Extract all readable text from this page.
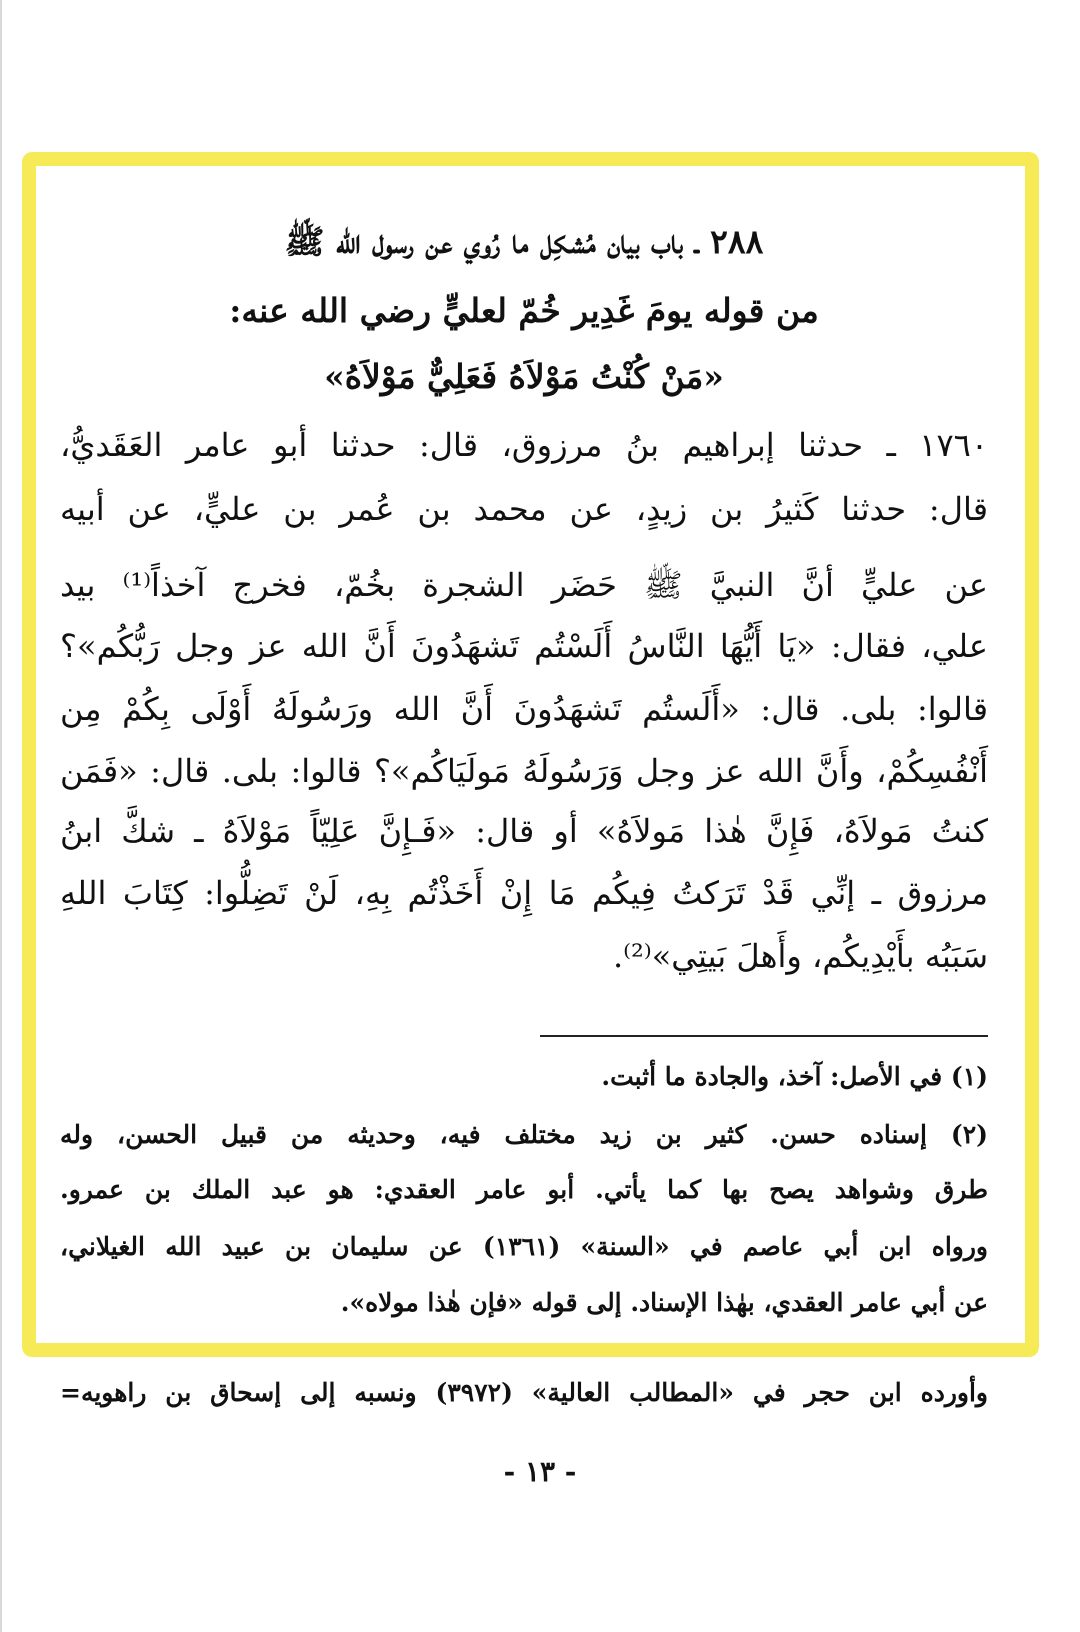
٢٨٨ ـ باب بيان مُشكِل ما رُوي عن رسول الله ﷺ
من قوله يومَ غَدِير خُمّ لعليٍّ رضي الله عنه:
«مَنْ كُنْتُ مَوْلاَهُ فَعَلِيٌّ مَوْلاَهُ»
١٧٦٠ ـ حدثنا إبراهيم بنُ مرزوق، قال: حدثنا أبو عامر العَقَديُّ،
قال: حدثنا كَثيرُ بن زيدٍ، عن محمد بن عُمر بن عليٍّ، عن أبيه
عن عليٍّ أنَّ النبيَّ ﷺ حَضَر الشجرة بخُمّ، فخرج آخذاً⁽¹⁾ بيد
علي، فقال: «يَا أَيُّهَا النَّاسُ أَلَسْتُم تَشهَدُونَ أَنَّ الله عز وجل رَبُّكُم»؟
قالوا: بلى. قال: «أَلَستُم تَشهَدُونَ أَنَّ الله ورَسُولَهُ أَوْلَى بِكُمْ مِن
أَنْفُسِكُمْ، وأَنَّ الله عز وجل وَرَسُولَهُ مَولَيَاكُم»؟ قالوا: بلى. قال: «فَمَن
كنتُ مَولاَهُ، فَإِنَّ هٰذا مَولاَهُ» أو قال: «فَـإِنَّ عَلِيّاً مَوْلاَهُ ـ شكَّ ابنُ
مرزوق ـ إنِّي قَدْ تَرَكتُ فِيكُم مَا إِنْ أَخَذْتُم بِهِ، لَنْ تَضِلُّوا: كِتَابَ اللهِ
سَبَبُه بأَيْدِيكُم، وأَهلَ بَيتِي»⁽²⁾.
(١) في الأصل: آخذ، والجادة ما أثبت.
(٢) إسناده حسن. كثير بن زيد مختلف فيه، وحديثه من قبيل الحسن، وله
طرق وشواهد يصح بها كما يأتي. أبو عامر العقدي: هو عبد الملك بن عمرو.
ورواه ابن أبي عاصم في «السنة» (١٣٦١) عن سليمان بن عبيد الله الغيلاني،
عن أبي عامر العقدي، بهٰذا الإسناد. إلى قوله «فإن هٰذا مولاه».
وأورده ابن حجر في «المطالب العالية» (٣٩٧٢) ونسبه إلى إسحاق بن راهويه=
- ١٣ -
